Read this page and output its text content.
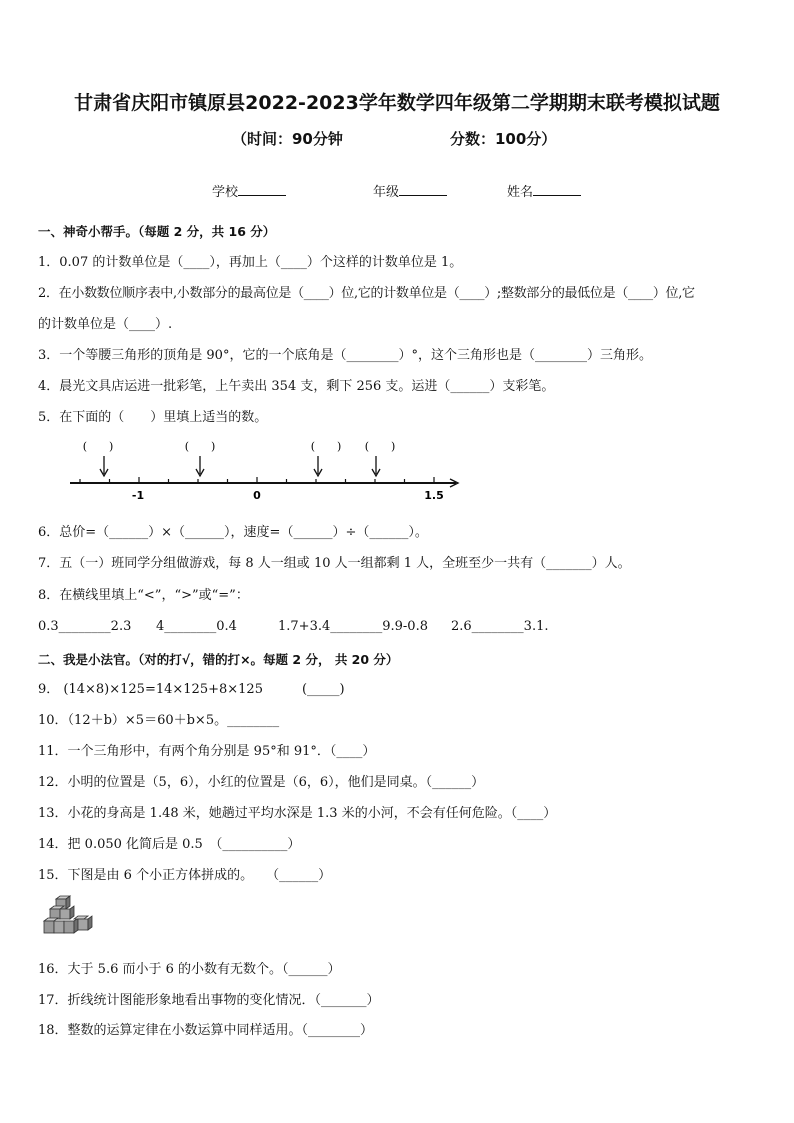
甘肃省庆阳市镇原县2022-2023学年数学四年级第二学期期末联考模拟试题
（时间：90分钟	分数：100分）
学校	年级	姓名
一、神奇小帮手。（每题 2 分，共 16 分）
1．0.07 的计数单位是（____），再加上（____）个这样的计数单位是 1。
2．在小数数位顺序表中,小数部分的最高位是（____）位,它的计数单位是（____）;整数部分的最低位是（____）位,它
的计数单位是（____）.
3．一个等腰三角形的顶角是 90°，它的一个底角是（________）°，这个三角形也是（________）三角形。
4．晨光文具店运进一批彩笔，上午卖出 354 支，剩下 256 支。运进（______）支彩笔。
5．在下面的（　　）里填上适当的数。
(　　)	(　　)	(　　) (　　)
-1	0	1.5
6．总价=（______）×（______），速度=（______）÷（______）。
7．五（一）班同学分组做游戏，每 8 人一组或 10 人一组都剩 1 人，全班至少一共有（_______）人。
8．在横线里填上“<”，“>”或“=”：
0.3________2.3 4________0.4	1.7+3.4________9.9-0.8 2.6________3.1.
二、我是小法官。（对的打√，错的打×。每题 2 分， 共 20 分）
9． (14×8)×125=14×125+8×125　　　(_____)
10．（12＋b）×5＝60＋b×5。________
11．一个三角形中，有两个角分别是 95°和 91°．（____）
12．小明的位置是（5，6），小红的位置是（6，6），他们是同桌。（______）
13．小花的身高是 1.48 米，她趟过平均水深是 1.3 米的小河，不会有任何危险。（____）
14．把 0.050 化简后是 0.5　（__________）
15．下图是由 6 个小正方体拼成的。　　（______）
16．大于 5.6 而小于 6 的小数有无数个。（______）
17．折线统计图能形象地看出事物的变化情况．（_______）
18．整数的运算定律在小数运算中同样适用。（________）
